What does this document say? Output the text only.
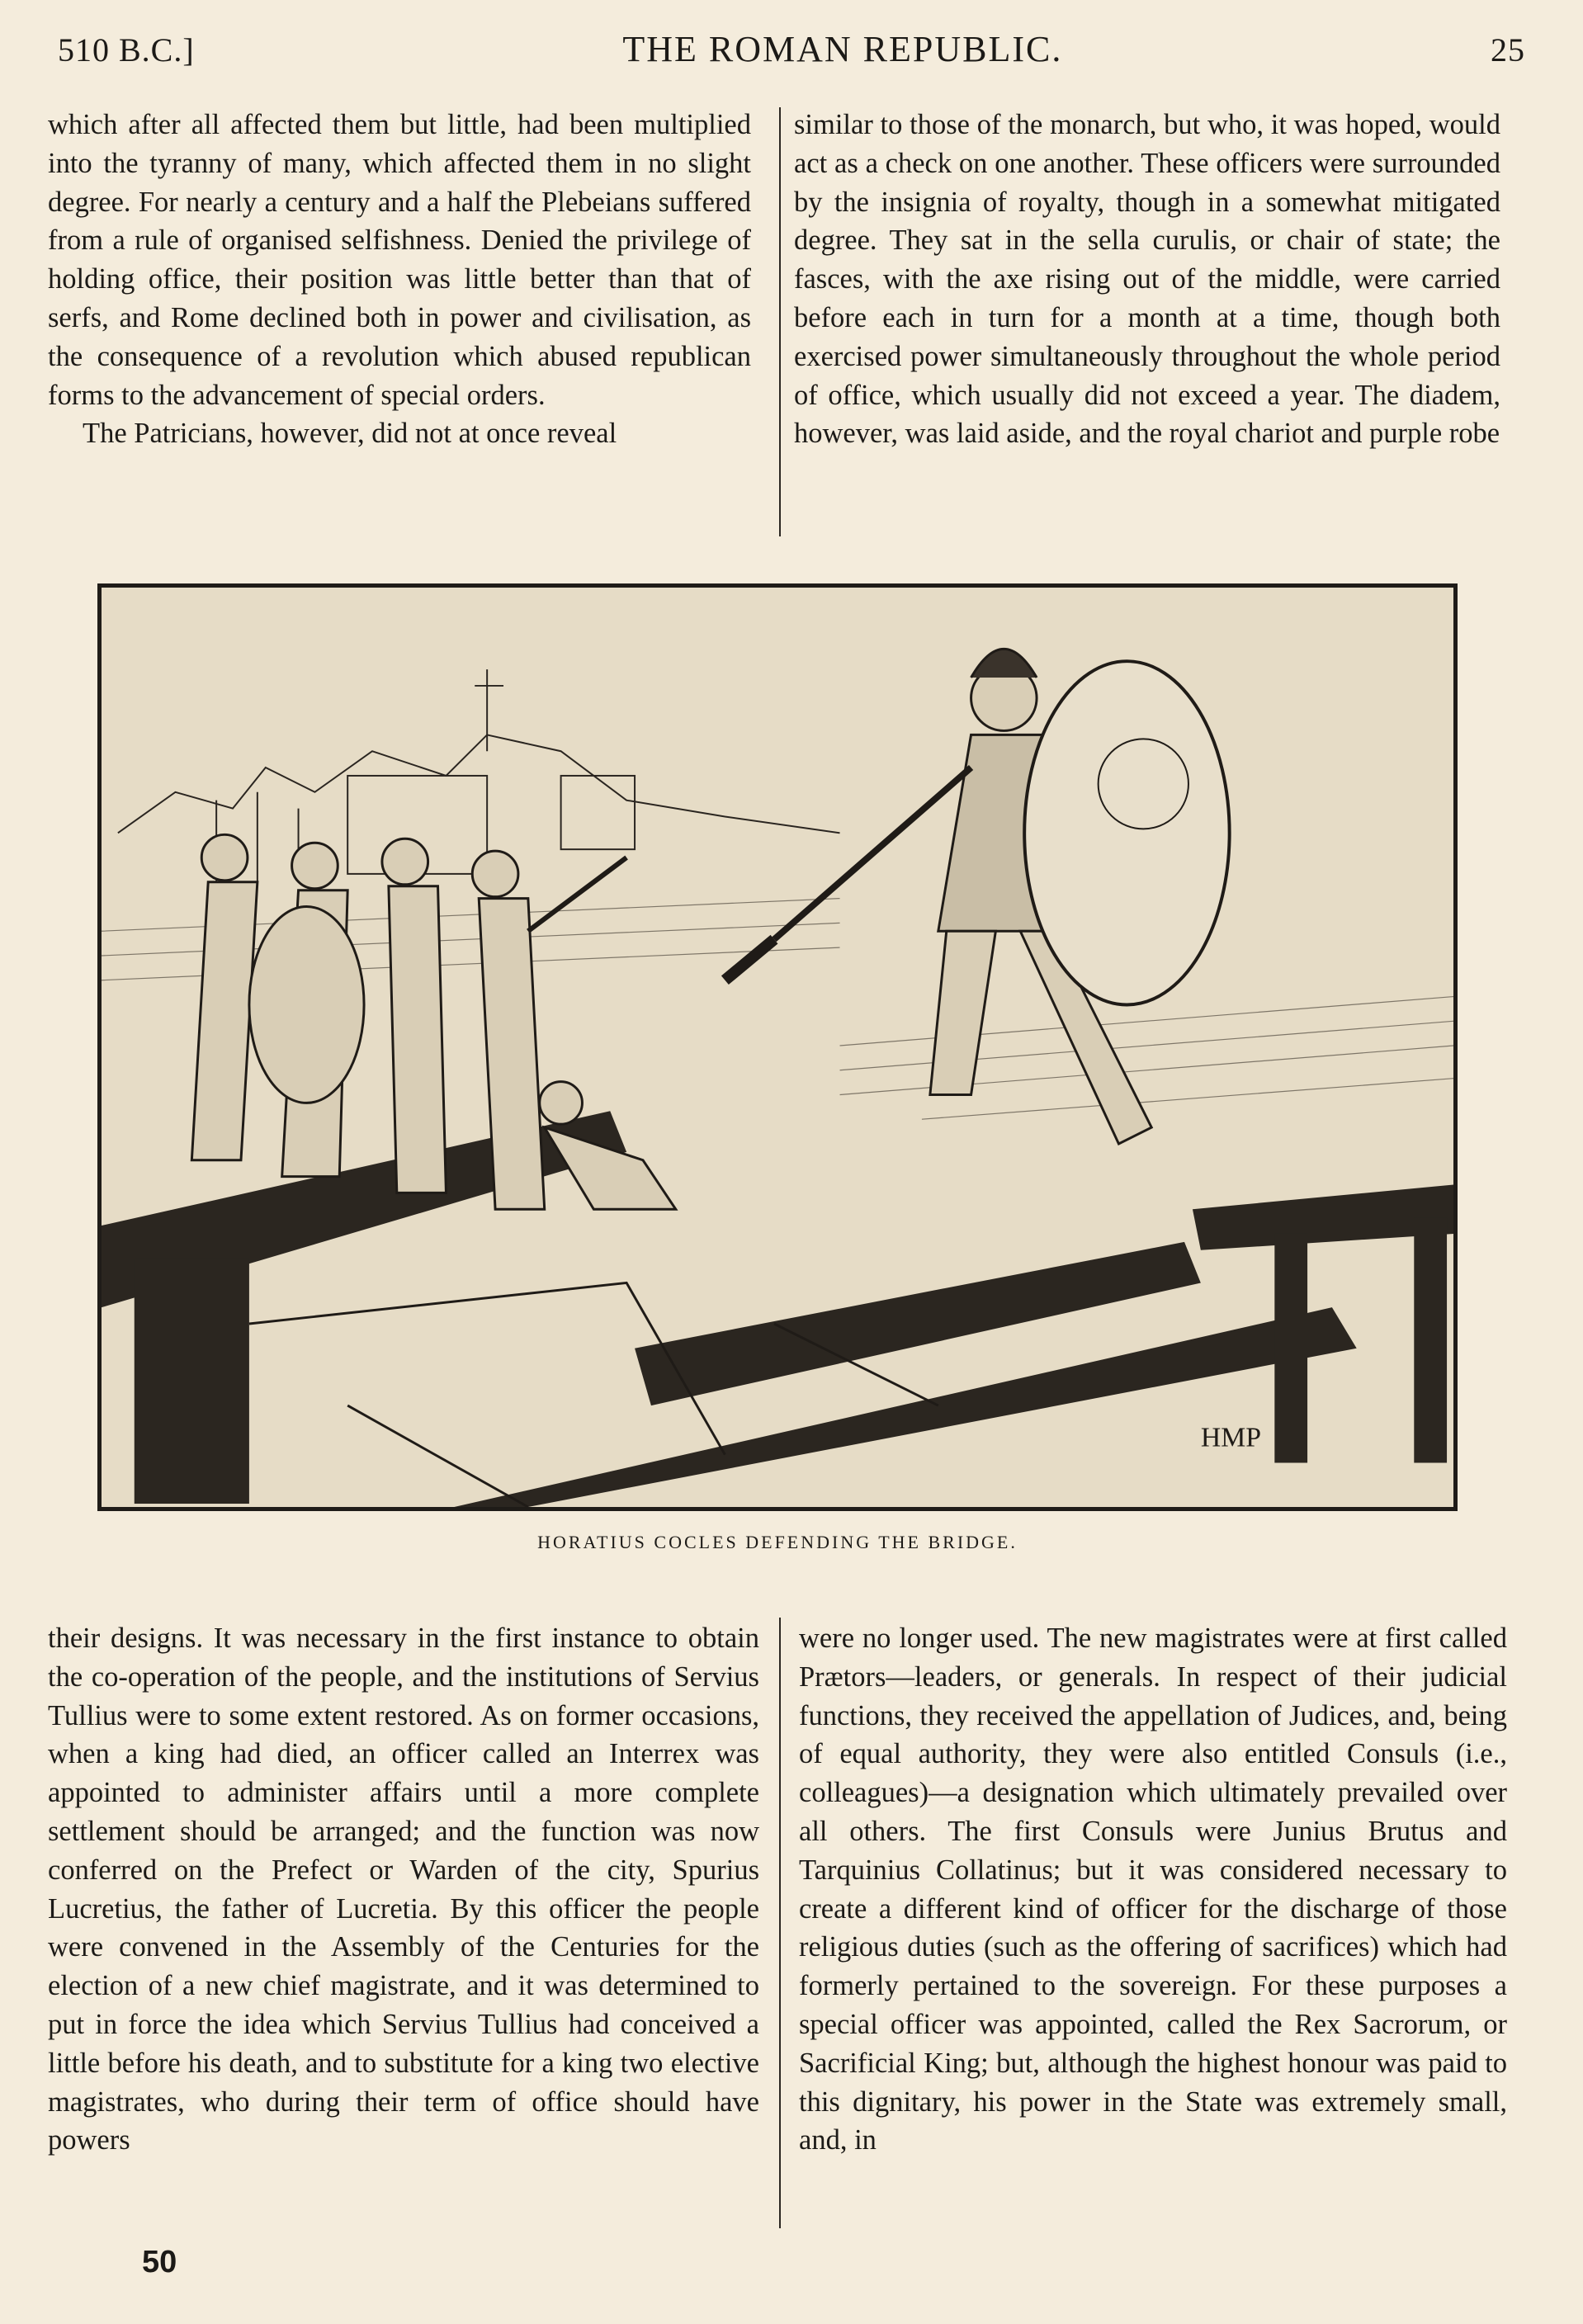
510 B.C.]	THE ROMAN REPUBLIC.	25

which after all affected them but little, had been multiplied into the tyranny of many, which affected them in no slight degree. For nearly a century and a half the Plebeians suffered from a rule of organised selfishness. Denied the privilege of holding office, their position was little better than that of serfs, and Rome declined both in power and civilisation, as the consequence of a revolution which abused republican forms to the advancement of special orders.

The Patricians, however, did not at once reveal

similar to those of the monarch, but who, it was hoped, would act as a check on one another. These officers were surrounded by the insignia of royalty, though in a somewhat mitigated degree. They sat in the sella curulis, or chair of state; the fasces, with the axe rising out of the middle, were carried before each in turn for a month at a time, though both exercised power simultaneously throughout the whole period of office, which usually did not exceed a year. The diadem, however, was laid aside, and the royal chariot and purple robe

HMP
HORATIUS COCLES DEFENDING THE BRIDGE.

their designs. It was necessary in the first instance to obtain the co-operation of the people, and the institutions of Servius Tullius were to some extent restored. As on former occasions, when a king had died, an officer called an Interrex was appointed to administer affairs until a more complete settlement should be arranged; and the function was now conferred on the Prefect or Warden of the city, Spurius Lucretius, the father of Lucretia. By this officer the people were convened in the Assembly of the Centuries for the election of a new chief magistrate, and it was determined to put in force the idea which Servius Tullius had conceived a little before his death, and to substitute for a king two elective magistrates, who during their term of office should have powers

were no longer used. The new magistrates were at first called Prætors—leaders, or generals. In respect of their judicial functions, they received the appellation of Judices, and, being of equal authority, they were also entitled Consuls (i.e., colleagues)—a designation which ultimately prevailed over all others. The first Consuls were Junius Brutus and Tarquinius Collatinus; but it was considered necessary to create a different kind of officer for the discharge of those religious duties (such as the offering of sacrifices) which had formerly pertained to the sovereign. For these purposes a special officer was appointed, called the Rex Sacrorum, or Sacrificial King; but, although the highest honour was paid to this dignitary, his power in the State was extremely small, and, in

50
